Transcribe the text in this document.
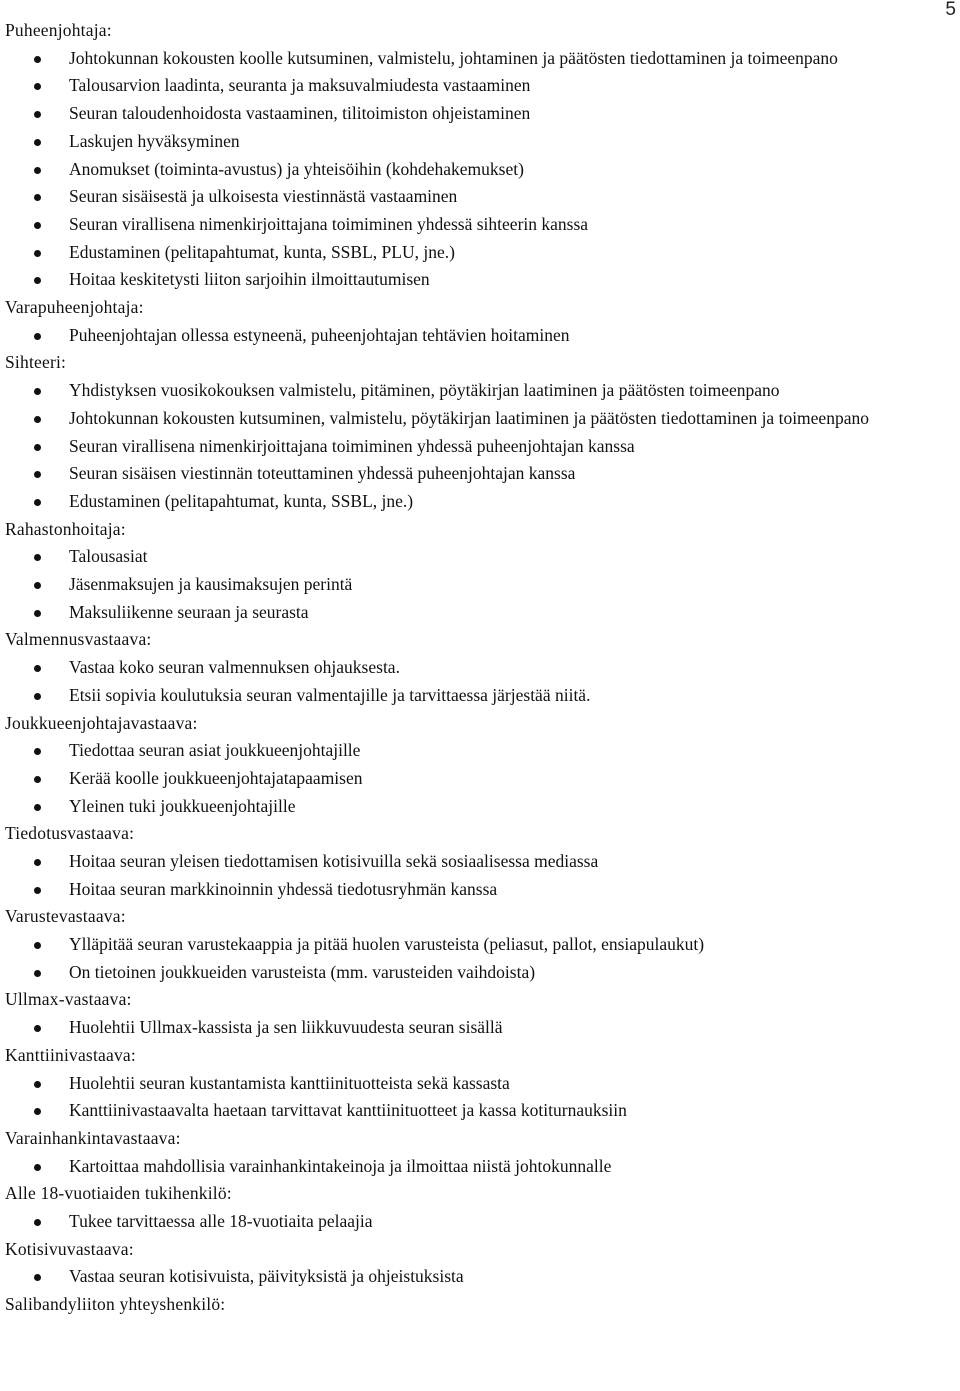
5
Puheenjohtaja:
Johtokunnan kokousten koolle kutsuminen, valmistelu, johtaminen ja päätösten tiedottaminen ja toimeenpano
Talousarvion laadinta, seuranta ja maksuvalmiudesta vastaaminen
Seuran taloudenhoidosta vastaaminen, tilitoimiston ohjeistaminen
Laskujen hyväksyminen
Anomukset (toiminta-avustus) ja yhteisöihin (kohdehakemukset)
Seuran sisäisestä ja ulkoisesta viestinnästä vastaaminen
Seuran virallisena nimenkirjoittajana toimiminen yhdessä sihteerin kanssa
Edustaminen (pelitapahtumat, kunta, SSBL, PLU, jne.)
Hoitaa keskitetysti liiton sarjoihin ilmoittautumisen
Varapuheenjohtaja:
Puheenjohtajan ollessa estyneenä, puheenjohtajan tehtävien hoitaminen
Sihteeri:
Yhdistyksen vuosikokouksen valmistelu, pitäminen, pöytäkirjan laatiminen ja päätösten toimeenpano
Johtokunnan kokousten kutsuminen, valmistelu, pöytäkirjan laatiminen ja päätösten tiedottaminen ja toimeenpano
Seuran virallisena nimenkirjoittajana toimiminen yhdessä puheenjohtajan kanssa
Seuran sisäisen viestinnän toteuttaminen yhdessä puheenjohtajan kanssa
Edustaminen (pelitapahtumat, kunta, SSBL, jne.)
Rahastonhoitaja:
Talousasiat
Jäsenmaksujen ja kausimaksujen perintä
Maksuliikenne seuraan ja seurasta
Valmennusvastaava:
Vastaa koko seuran valmennuksen ohjauksesta.
Etsii sopivia koulutuksia seuran valmentajille ja tarvittaessa järjestää niitä.
Joukkueenjohtajavastaava:
Tiedottaa seuran asiat joukkueenjohtajille
Kerää koolle joukkueenjohtajatapaamisen
Yleinen tuki joukkueenjohtajille
Tiedotusvastaava:
Hoitaa seuran yleisen tiedottamisen kotisivuilla sekä sosiaalisessa mediassa
Hoitaa seuran markkinoinnin yhdessä tiedotusryhmän kanssa
Varustevastaava:
Ylläpitää seuran varustekaappia ja pitää huolen varusteista (peliasut, pallot, ensiapulaukut)
On tietoinen joukkueiden varusteista (mm. varusteiden vaihdoista)
Ullmax-vastaava:
Huolehtii Ullmax-kassista ja sen liikkuvuudesta seuran sisällä
Kanttiinivastaava:
Huolehtii seuran kustantamista kanttiinituotteista sekä kassasta
Kanttiinivastaavalta haetaan tarvittavat kanttiinituotteet ja kassa kotiturnauksiin
Varainhankintavastaava:
Kartoittaa mahdollisia varainhankintakeinoja ja ilmoittaa niistä johtokunnalle
Alle 18-vuotiaiden tukihenkilö:
Tukee tarvittaessa alle 18-vuotiaita pelaajia
Kotisivuvastaava:
Vastaa seuran kotisivuista, päivityksistä ja ohjeistuksista
Salibandyliiton yhteyshenkilö:
